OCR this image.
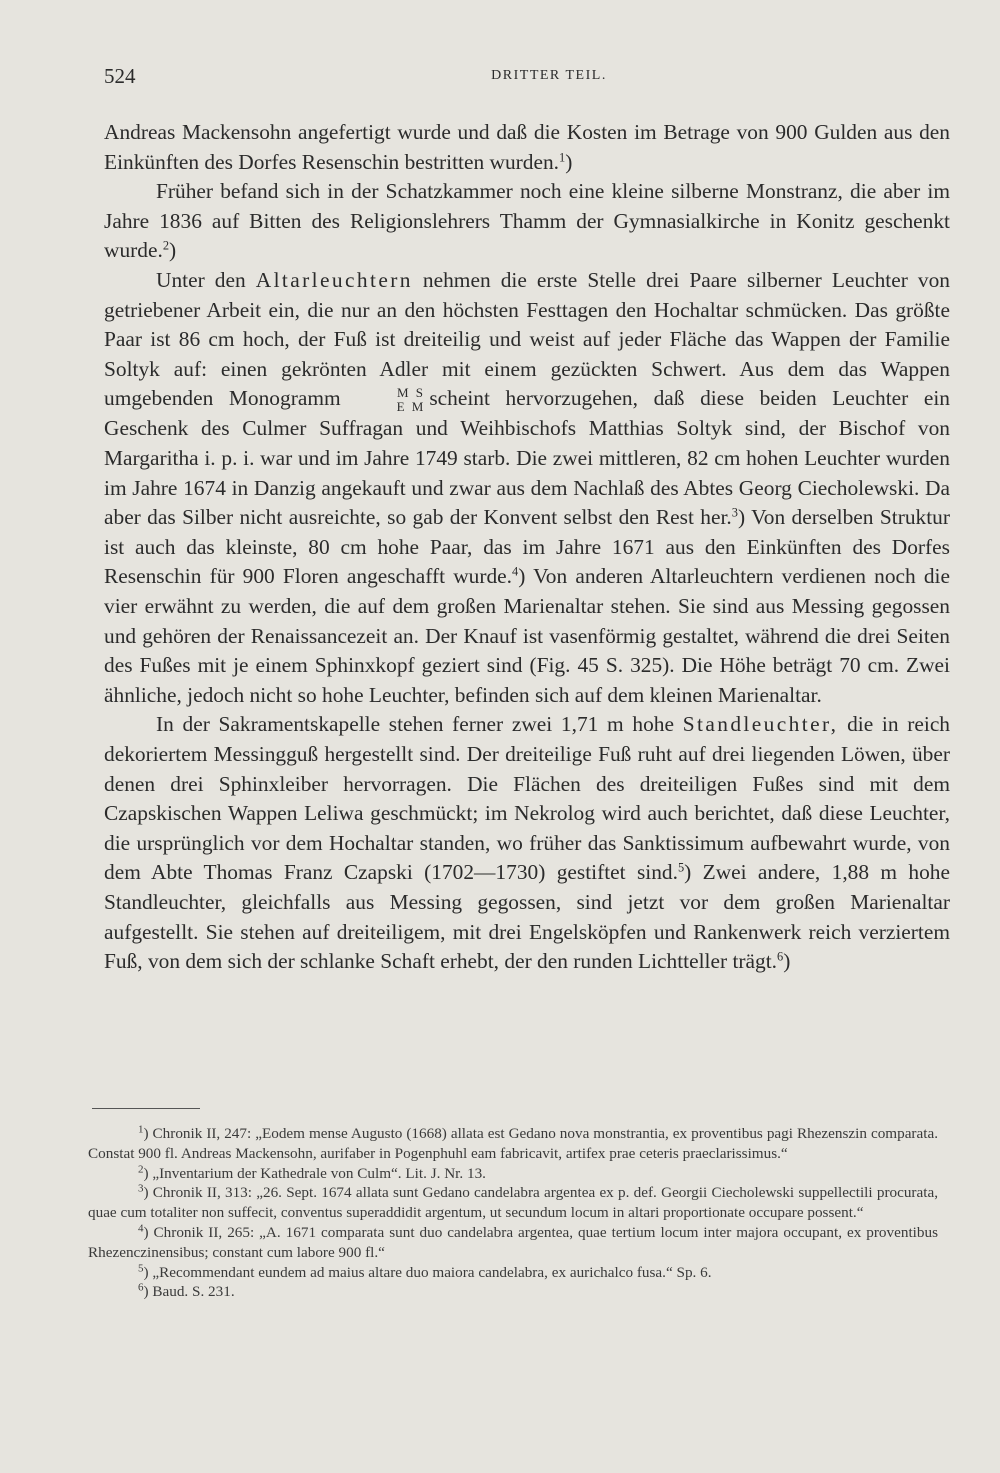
524	DRITTER TEIL.

Andreas Mackensohn angefertigt wurde und daß die Kosten im Betrage von 900 Gulden aus den Einkünften des Dorfes Resenschin bestritten wurden.$^1$)

Früher befand sich in der Schatzkammer noch eine kleine silberne Monstranz, die aber im Jahre 1836 auf Bitten des Religionslehrers Thamm der Gymnasialkirche in Konitz geschenkt wurde.$^2$)

Unter den Altarleuchtern nehmen die erste Stelle drei Paare silberner Leuchter von getriebener Arbeit ein, die nur an den höchsten Festtagen den Hochaltar schmücken. Das größte Paar ist 86 cm hoch, der Fuß ist dreiteilig und weist auf jeder Fläche das Wappen der Familie Soltyk auf: einen gekrönten Adler mit einem gezückten Schwert. Aus dem das Wappen umgebenden Monogramm	M S
E M scheint hervorzugehen, daß diese beiden Leuchter ein Geschenk des Culmer Suffragan und Weihbischofs Matthias Soltyk sind, der Bischof von Margaritha i. p. i. war und im Jahre 1749 starb. Die zwei mittleren, 82 cm hohen Leuchter wurden im Jahre 1674 in Danzig angekauft und zwar aus dem Nachlaß des Abtes Georg Ciecholewski. Da aber das Silber nicht ausreichte, so gab der Konvent selbst den Rest her.$^3$) Von derselben Struktur ist auch das kleinste, 80 cm hohe Paar, das im Jahre 1671 aus den Einkünften des Dorfes Resenschin für 900 Floren angeschafft wurde.$^4$) Von anderen Altarleuchtern verdienen noch die vier erwähnt zu werden, die auf dem großen Marienaltar stehen. Sie sind aus Messing gegossen und gehören der Renaissancezeit an. Der Knauf ist vasenförmig gestaltet, während die drei Seiten des Fußes mit je einem Sphinxkopf geziert sind (Fig. 45 S. 325). Die Höhe beträgt 70 cm. Zwei ähnliche, jedoch nicht so hohe Leuchter, befinden sich auf dem kleinen Marienaltar.

In der Sakramentskapelle stehen ferner zwei 1,71 m hohe Standleuchter, die in reich dekoriertem Messingguß hergestellt sind. Der dreiteilige Fuß ruht auf drei liegenden Löwen, über denen drei Sphinxleiber hervorragen. Die Flächen des dreiteiligen Fußes sind mit dem Czapskischen Wappen Leliwa geschmückt; im Nekrolog wird auch berichtet, daß diese Leuchter, die ursprünglich vor dem Hochaltar standen, wo früher das Sanktissimum aufbewahrt wurde, von dem Abte Thomas Franz Czapski (1702—1730) gestiftet sind.$^5$) Zwei andere, 1,88 m hohe Standleuchter, gleichfalls aus Messing gegossen, sind jetzt vor dem großen Marienaltar aufgestellt. Sie stehen auf dreiteiligem, mit drei Engelsköpfen und Rankenwerk reich verziertem Fuß, von dem sich der schlanke Schaft erhebt, der den runden Lichtteller trägt.$^6$)

$^1$) Chronik II, 247: „Eodem mense Augusto (1668) allata est Gedano nova monstrantia, ex proventibus pagi Rhezenszin comparata. Constat 900 fl. Andreas Mackensohn, aurifaber in Pogenphuhl eam fabricavit, artifex prae ceteris praeclarissimus.“

$^2$) „Inventarium der Kathedrale von Culm“. Lit. J. Nr. 13.

$^3$) Chronik II, 313: „26. Sept. 1674 allata sunt Gedano candelabra argentea ex p. def. Georgii Ciecholewski suppellectili procurata, quae cum totaliter non suffecit, conventus superaddidit argentum, ut secundum locum in altari proportionate occupare possent.“

$^4$) Chronik II, 265: „A. 1671 comparata sunt duo candelabra argentea, quae tertium locum inter majora occupant, ex proventibus Rhezenczinensibus; constant cum labore 900 fl.“

$^5$) „Recommendant eundem ad maius altare duo maiora candelabra, ex aurichalco fusa.“ Sp. 6.

$^6$) Baud. S. 231.
